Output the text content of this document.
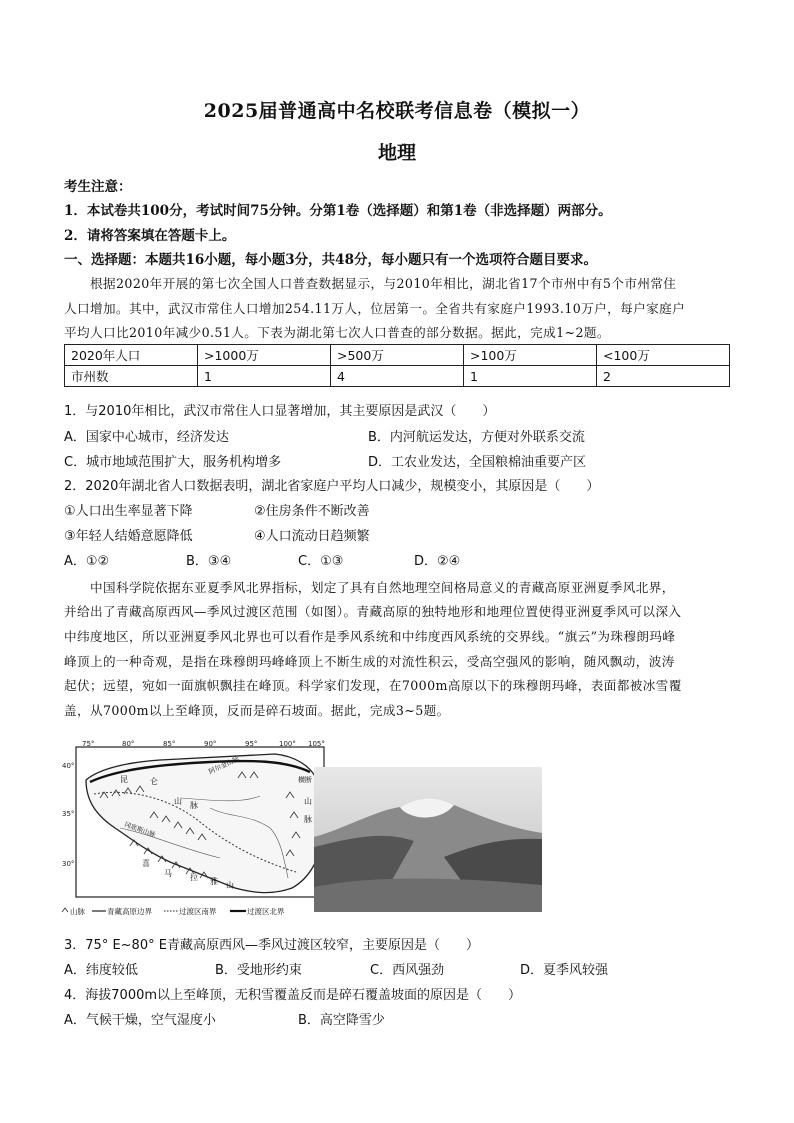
2025届普通高中名校联考信息卷（模拟一）
地理
考生注意：
1．本试卷共100分，考试时间75分钟。分第1卷（选择题）和第1卷（非选择题）两部分。
2．请将答案填在答题卡上。
一、选择题：本题共16小题，每小题3分，共48分，每小题只有一个选项符合题目要求。
根据2020年开展的第七次全国人口普查数据显示，与2010年相比，湖北省17个市州中有5个市州常住
人口增加。其中，武汉市常住人口增加254.11万人，位居第一。全省共有家庭户1993.10万户，每户家庭户
平均人口比2010年减少0.51人。下表为湖北第七次人口普查的部分数据。据此，完成1~2题。
2020年人口	>1000万	>500万	>100万	<100万
市州数	1	4	1	2
1．与2010年相比，武汉市常住人口显著增加，其主要原因是武汉（　　）
A．国家中心城市，经济发达	B．内河航运发达，方便对外联系交流
C．城市地域范围扩大，服务机构增多	D．工农业发达，全国粮棉油重要产区
2．2020年湖北省人口数据表明，湖北省家庭户平均人口减少，规模变小，其原因是（　　）
①人口出生率显著下降	②住房条件不断改善
③年轻人结婚意愿降低	④人口流动日趋频繁
A．①②	B．③④	C．①③	D．②④
中国科学院依据东亚夏季风北界指标，划定了具有自然地理空间格局意义的青藏高原亚洲夏季风北界，
并给出了青藏高原西风—季风过渡区范围（如图）。青藏高原的独特地形和地理位置使得亚洲夏季风可以深入
中纬度地区，所以亚洲夏季风北界也可以看作是季风系统和中纬度西风系统的交界线。“旗云”为珠穆朗玛峰
峰顶上的一种奇观，是指在珠穆朗玛峰峰顶上不断生成的对流性积云，受高空强风的影响，随风飘动，波涛
起伏；远望，宛如一面旗帜飘挂在峰顶。科学家们发现，在7000m高原以下的珠穆朗玛峰，表面都被冰雪覆
盖，从7000m以上至峰顶，反而是碎石坡面。据此，完成3~5题。
75°	80°	85°	90°	95°	100° 105°
40°
35°
30°
昆	仑
阿尔金山脉
山 脉
冈底斯山脉
横断
山
脉
喜
马 拉 雅 山
山脉	青藏高原边界	过渡区南界	过渡区北界
3．75° E~80° E青藏高原西风—季风过渡区较窄，主要原因是（　　）
A．纬度较低	B．受地形约束	C．西风强劲	D．夏季风较强
4．海拔7000m以上至峰顶，无积雪覆盖反而是碎石覆盖坡面的原因是（　　）
A．气候干燥，空气湿度小	B．高空降雪少
